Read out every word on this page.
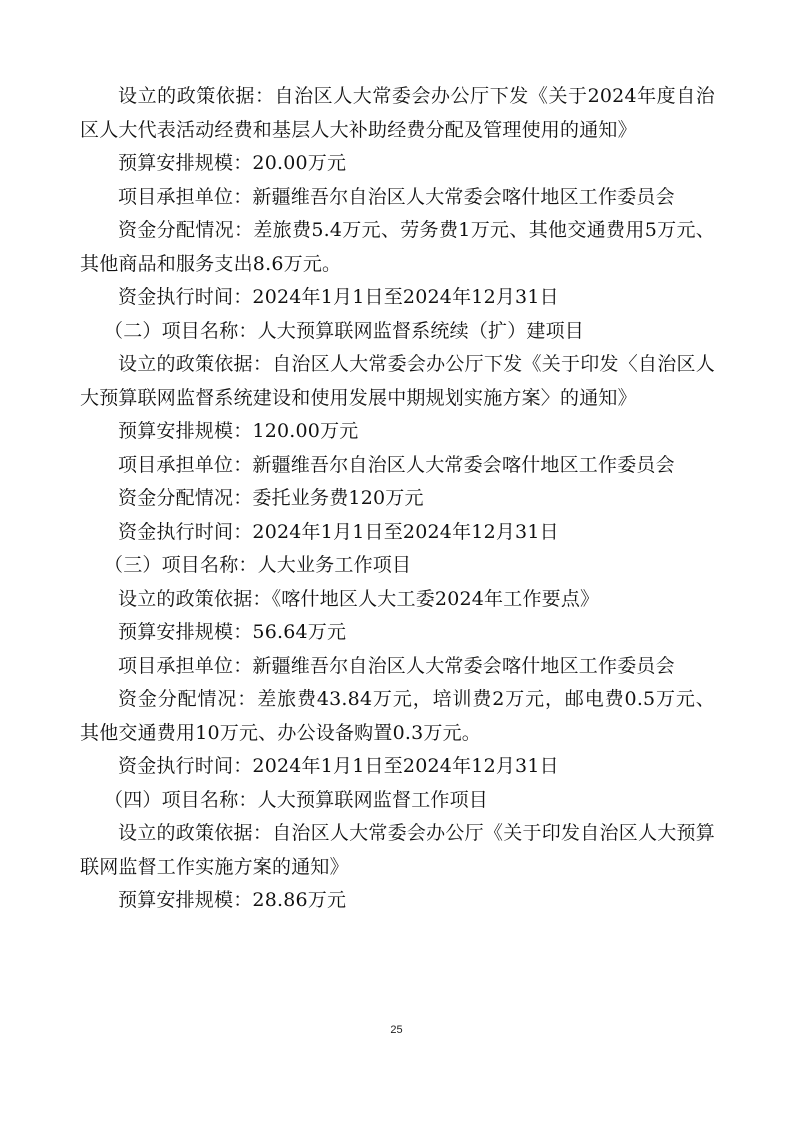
设立的政策依据：自治区人大常委会办公厅下发《关于2024年度自治区人大代表活动经费和基层人大补助经费分配及管理使用的通知》

预算安排规模：20.00万元

项目承担单位：新疆维吾尔自治区人大常委会喀什地区工作委员会

资金分配情况：差旅费5.4万元、劳务费1万元、其他交通费用5万元、其他商品和服务支出8.6万元。

资金执行时间：2024年1月1日至2024年12月31日

（二）项目名称：人大预算联网监督系统续（扩）建项目

设立的政策依据：自治区人大常委会办公厅下发《关于印发〈自治区人大预算联网监督系统建设和使用发展中期规划实施方案〉的通知》

预算安排规模：120.00万元

项目承担单位：新疆维吾尔自治区人大常委会喀什地区工作委员会

资金分配情况：委托业务费120万元

资金执行时间：2024年1月1日至2024年12月31日

（三）项目名称：人大业务工作项目

设立的政策依据：《喀什地区人大工委2024年工作要点》

预算安排规模：56.64万元

项目承担单位：新疆维吾尔自治区人大常委会喀什地区工作委员会

资金分配情况：差旅费43.84万元，培训费2万元，邮电费0.5万元、其他交通费用10万元、办公设备购置0.3万元。

资金执行时间：2024年1月1日至2024年12月31日

（四）项目名称：人大预算联网监督工作项目

设立的政策依据：自治区人大常委会办公厅《关于印发自治区人大预算联网监督工作实施方案的通知》

预算安排规模：28.86万元

25
